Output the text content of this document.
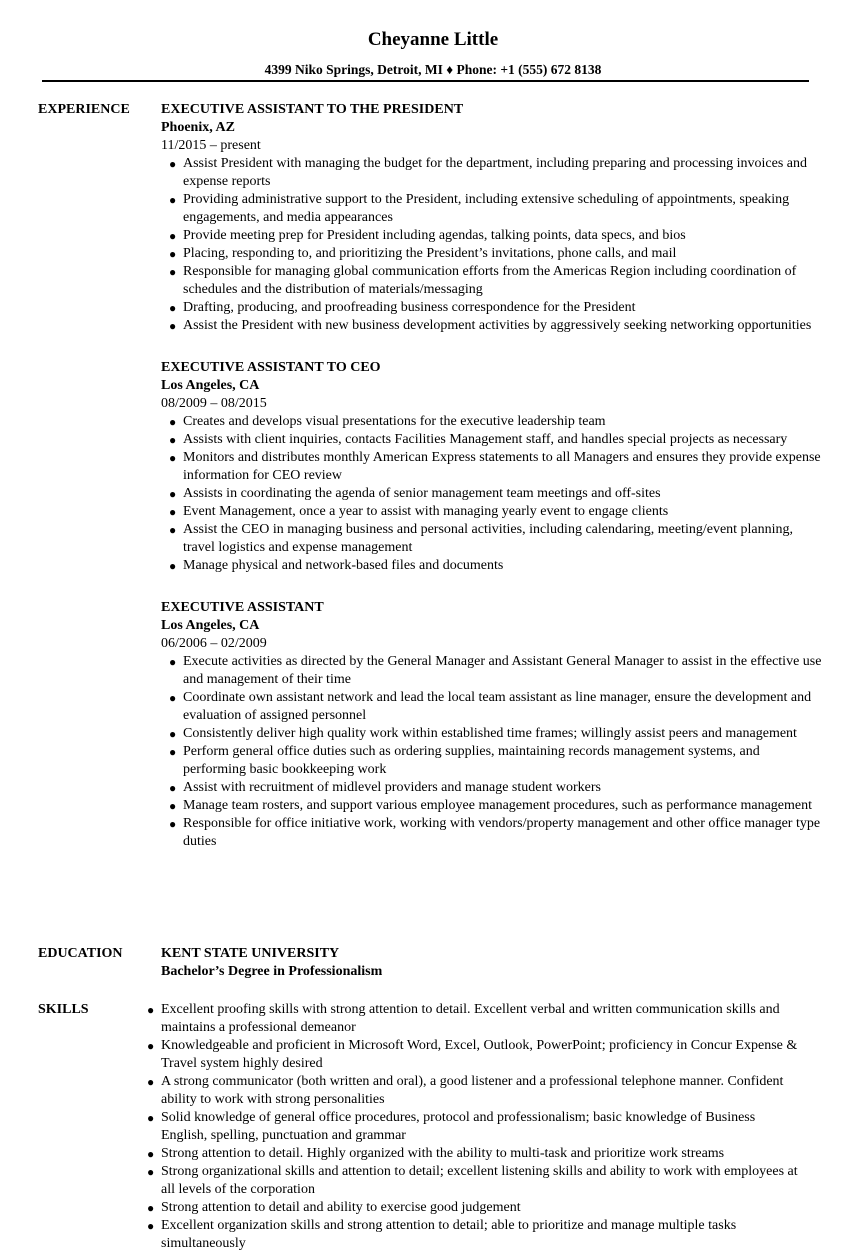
Cheyanne Little
4399 Niko Springs, Detroit, MI ♦ Phone: +1 (555) 672 8138
EXPERIENCE EXECUTIVE ASSISTANT TO THE PRESIDENT
Phoenix, AZ
11/2015 – present
● Assist President with managing the budget for the department, including preparing and processing invoices and expense reports
● Providing administrative support to the President, including extensive scheduling of appointments, speaking engagements, and media appearances
● Provide meeting prep for President including agendas, talking points, data specs, and bios
● Placing, responding to, and prioritizing the President’s invitations, phone calls, and mail
● Responsible for managing global communication efforts from the Americas Region including coordination of schedules and the distribution of materials/messaging
● Drafting, producing, and proofreading business correspondence for the President
● Assist the President with new business development activities by aggressively seeking networking opportunities
EXECUTIVE ASSISTANT TO CEO
Los Angeles, CA
08/2009 – 08/2015
● Creates and develops visual presentations for the executive leadership team
● Assists with client inquiries, contacts Facilities Management staff, and handles special projects as necessary
● Monitors and distributes monthly American Express statements to all Managers and ensures they provide expense information for CEO review
● Assists in coordinating the agenda of senior management team meetings and off-sites
● Event Management, once a year to assist with managing yearly event to engage clients
● Assist the CEO in managing business and personal activities, including calendaring, meeting/event planning, travel logistics and expense management
● Manage physical and network-based files and documents
EXECUTIVE ASSISTANT
Los Angeles, CA
06/2006 – 02/2009
● Execute activities as directed by the General Manager and Assistant General Manager to assist in the effective use and management of their time
● Coordinate own assistant network and lead the local team assistant as line manager, ensure the development and evaluation of assigned personnel
● Consistently deliver high quality work within established time frames; willingly assist peers and management
● Perform general office duties such as ordering supplies, maintaining records management systems, and performing basic bookkeeping work
● Assist with recruitment of midlevel providers and manage student workers
● Manage team rosters, and support various employee management procedures, such as performance management
● Responsible for office initiative work, working with vendors/property management and other office manager type duties
EDUCATION	KENT STATE UNIVERSITY
Bachelor’s Degree in Professionalism
SKILLS	● Excellent proofing skills with strong attention to detail. Excellent verbal and written communication skills and maintains a professional demeanor
● Knowledgeable and proficient in Microsoft Word, Excel, Outlook, PowerPoint; proficiency in Concur Expense & Travel system highly desired
● A strong communicator (both written and oral), a good listener and a professional telephone manner. Confident ability to work with strong personalities
● Solid knowledge of general office procedures, protocol and professionalism; basic knowledge of Business English, spelling, punctuation and grammar
● Strong attention to detail. Highly organized with the ability to multi-task and prioritize work streams
● Strong organizational skills and attention to detail; excellent listening skills and ability to work with employees at all levels of the corporation
● Strong attention to detail and ability to exercise good judgement
● Excellent organization skills and strong attention to detail; able to prioritize and manage multiple tasks simultaneously
